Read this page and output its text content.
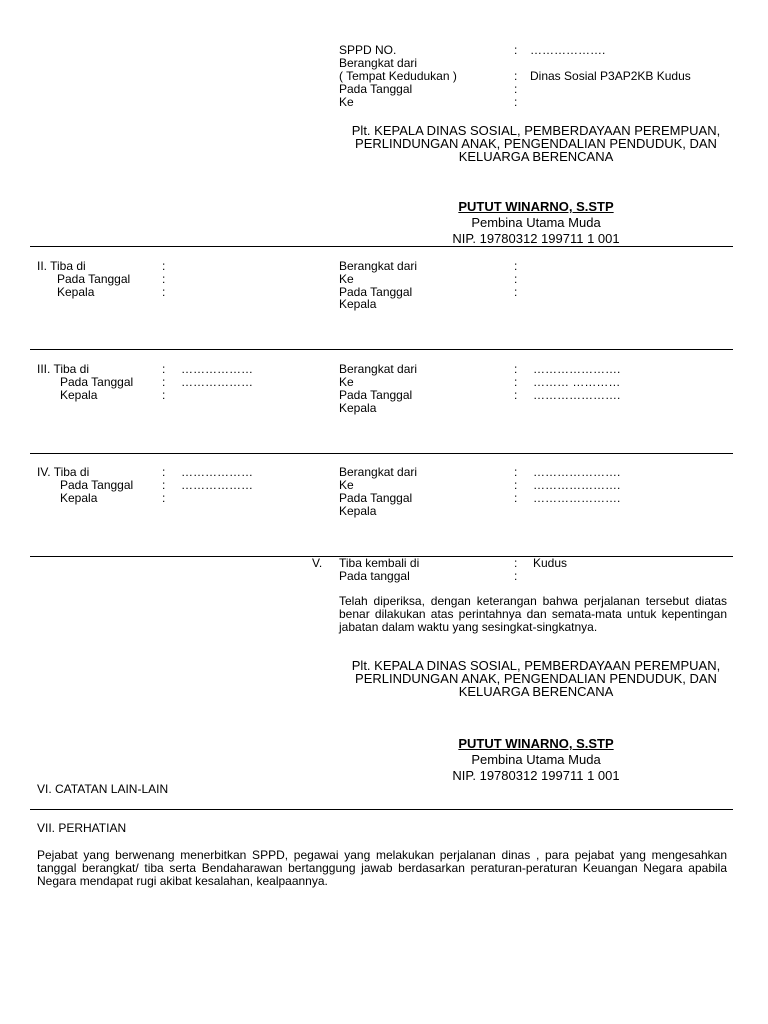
SPPD NO.	: ……………….
Berangkat dari
( Tempat Kedudukan )	: Dinas Sosial P3AP2KB Kudus
Pada Tanggal	:
Ke	:
Plt. KEPALA DINAS SOSIAL, PEMBERDAYAAN PEREMPUAN,
PERLINDUNGAN ANAK, PENGENDALIAN PENDUDUK, DAN
KELUARGA BERENCANA
PUTUT WINARNO, S.STP
Pembina Utama Muda
NIP. 19780312 199711 1 001
II. Tiba di	:
Pada Tanggal	:
Kepala	:
Berangkat dari	:
Ke	:
Pada Tanggal	:
Kepala
III. Tiba di	: ………………
Pada Tanggal : ………………
Kepala	:
Berangkat dari	: ………………….
Ke	: ……… …………
Pada Tanggal	: ………………….
Kepala
IV. Tiba di	: ………………
Pada Tanggal : ………………
Kepala	:
Berangkat dari	: ………………….
Ke	: ………………….
Pada Tanggal	: ………………….
Kepala
V. Tiba kembali di	: Kudus
Pada tanggal	:
Telah diperiksa, dengan keterangan bahwa perjalanan tersebut diatas benar dilakukan atas perintahnya dan semata-mata untuk kepentingan jabatan dalam waktu yang sesingkat-singkatnya.
Plt. KEPALA DINAS SOSIAL, PEMBERDAYAAN PEREMPUAN,
PERLINDUNGAN ANAK, PENGENDALIAN PENDUDUK, DAN
KELUARGA BERENCANA
PUTUT WINARNO, S.STP
Pembina Utama Muda
NIP. 19780312 199711 1 001
VI. CATATAN LAIN-LAIN
VII. PERHATIAN
Pejabat yang berwenang menerbitkan SPPD, pegawai yang melakukan perjalanan dinas , para pejabat yang mengesahkan tanggal berangkat/ tiba serta Bendaharawan bertanggung jawab berdasarkan peraturan-peraturan Keuangan Negara apabila Negara mendapat rugi akibat kesalahan, kealpaannya.
